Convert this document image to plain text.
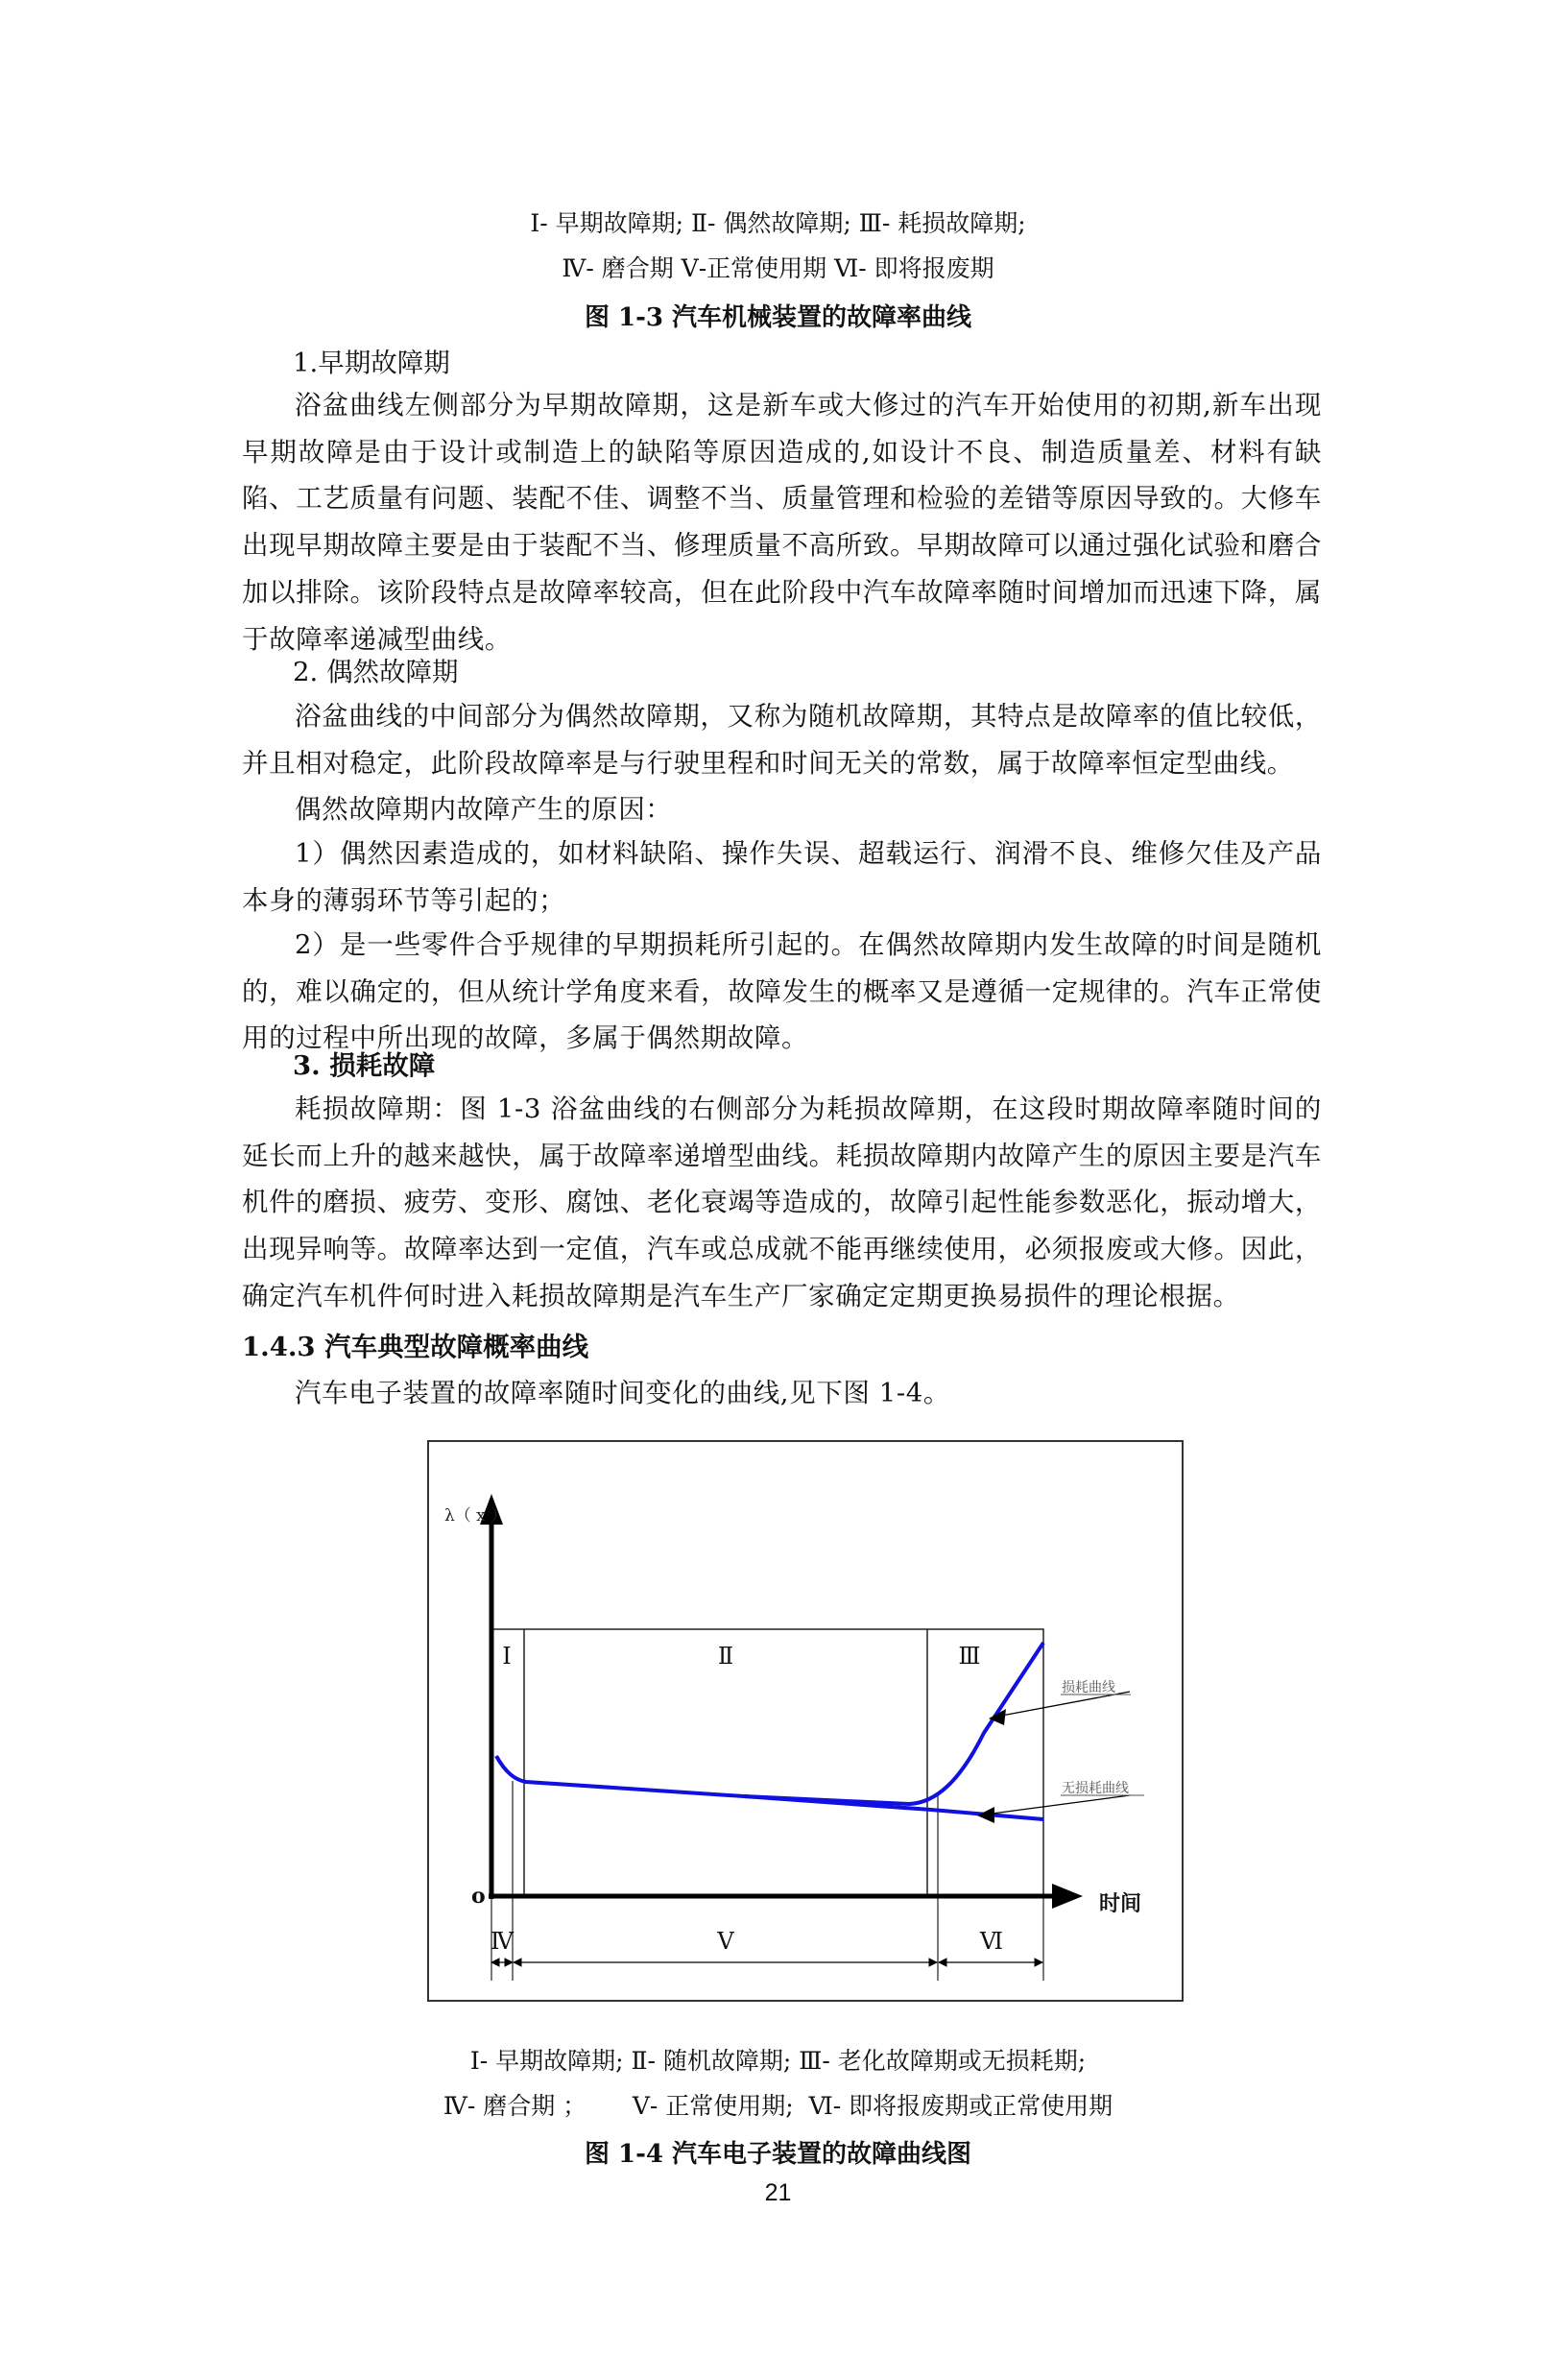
Ⅰ- 早期故障期; Ⅱ- 偶然故障期; Ⅲ- 耗损故障期;
Ⅳ- 磨合期 Ⅴ-正常使用期 Ⅵ- 即将报废期
图 1-3 汽车机械装置的故障率曲线
1.早期故障期
浴盆曲线左侧部分为早期故障期，这是新车或大修过的汽车开始使用的初期,新车出现早期故障是由于设计或制造上的缺陷等原因造成的,如设计不良、制造质量差、材料有缺陷、工艺质量有问题、装配不佳、调整不当、质量管理和检验的差错等原因导致的。大修车出现早期故障主要是由于装配不当、修理质量不高所致。早期故障可以通过强化试验和磨合加以排除。该阶段特点是故障率较高，但在此阶段中汽车故障率随时间增加而迅速下降，属于故障率递减型曲线。
2. 偶然故障期
浴盆曲线的中间部分为偶然故障期，又称为随机故障期，其特点是故障率的值比较低，并且相对稳定，此阶段故障率是与行驶里程和时间无关的常数，属于故障率恒定型曲线。
偶然故障期内故障产生的原因：
1）偶然因素造成的，如材料缺陷、操作失误、超载运行、润滑不良、维修欠佳及产品本身的薄弱环节等引起的；
2）是一些零件合乎规律的早期损耗所引起的。在偶然故障期内发生故障的时间是随机的，难以确定的，但从统计学角度来看，故障发生的概率又是遵循一定规律的。汽车正常使用的过程中所出现的故障，多属于偶然期故障。
3. 损耗故障
耗损故障期：图 1-3 浴盆曲线的右侧部分为耗损故障期，在这段时期故障率随时间的延长而上升的越来越快，属于故障率递增型曲线。耗损故障期内故障产生的原因主要是汽车机件的磨损、疲劳、变形、腐蚀、老化衰竭等造成的，故障引起性能参数恶化，振动增大，出现异响等。故障率达到一定值，汽车或总成就不能再继续使用，必须报废或大修。因此，确定汽车机件何时进入耗损故障期是汽车生产厂家确定定期更换易损件的理论根据。
1.4.3 汽车典型故障概率曲线
汽车电子装置的故障率随时间变化的曲线,见下图 1-4。
λ（ x ）
o	时间
Ⅰ	Ⅱ	Ⅲ
Ⅳ	Ⅴ	Ⅵ
损耗曲线
无损耗曲线
Ⅰ- 早期故障期; Ⅱ- 随机故障期; Ⅲ- 老化故障期或无损耗期;
Ⅳ- 磨合期 ；      Ⅴ- 正常使用期;  Ⅵ- 即将报废期或正常使用期
图 1-4 汽车电子装置的故障曲线图
21
